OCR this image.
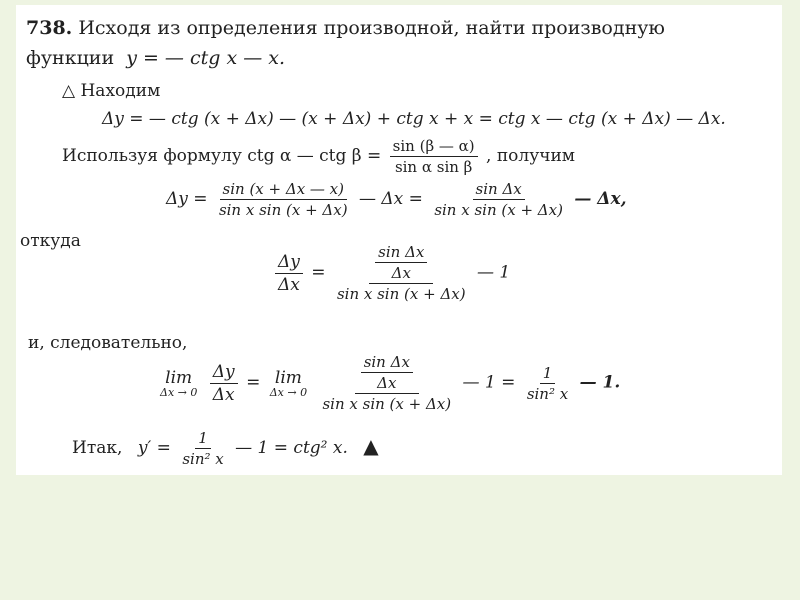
738. Исходя из определения производной, найти производную
функции y = — ctg x — x.
△ Находим
Δy = — ctg (x + Δx) — (x + Δx) + ctg x + x = ctg x — ctg (x + Δx) — Δx.
Используя формулу ctg α — ctg $\beta = \frac{\sin (\beta — \alpha)}{\text{sin α sin β}}$ , получим
$\Delta y = \frac{\sin (x + \Delta x — x)}{\text{sin x sin (x + Δx)}}$ — $\Delta x = \frac{\text{sin Δx}}{\text{sin x sin (x + Δx)}}$ — Δx,
откуда
$\frac{\Delta y}{\Delta x} = \frac{\frac{\text{sin Δx}}{\Delta x}}{\text{sin x sin (x + Δx)}}$ — 1
и, следовательно,
lim
Δx → 0
$\frac{\Delta y}{\Delta x} = \lim$
Δx → 0
$\frac{\frac{\text{sin Δx}}{\Delta x}}{\text{sin x sin (x + Δx)}}$ — $1 = \frac{1}{\text{sin² x}}$ — 1.
Итак, $y' = \frac{1}{\text{sin² x}}$ — 1 = ctg² x. ▲
